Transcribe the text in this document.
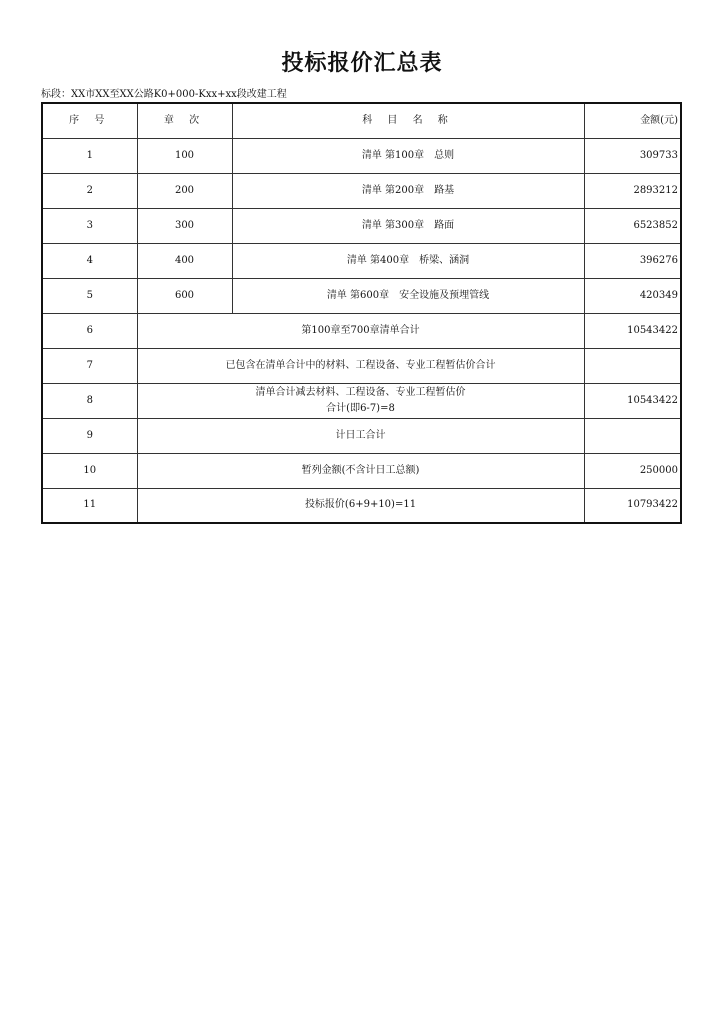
投标报价汇总表
标段：XX市XX至XX公路K0+000-Kxx+xx段改建工程
序 号	章 次	科 目 名 称	金额(元)
1	100	清单 第100章　总则	309733
2	200	清单 第200章　路基	2893212
3	300	清单 第300章　路面	6523852
4	400	清单 第400章　桥梁、涵洞	396276
5	600	清单 第600章　安全设施及预埋管线	420349
6	第100章至700章清单合计		10543422
7	已包含在清单合计中的材料、工程设备、专业工程暂估价合计		
8	清单合计减去材料、工程设备、专业工程暂估价
合计(即6-7)=8		10543422
9	计日工合计		
10	暂列金额(不含计日工总额)		250000
11	投标报价(6+9+10)=11		10793422
